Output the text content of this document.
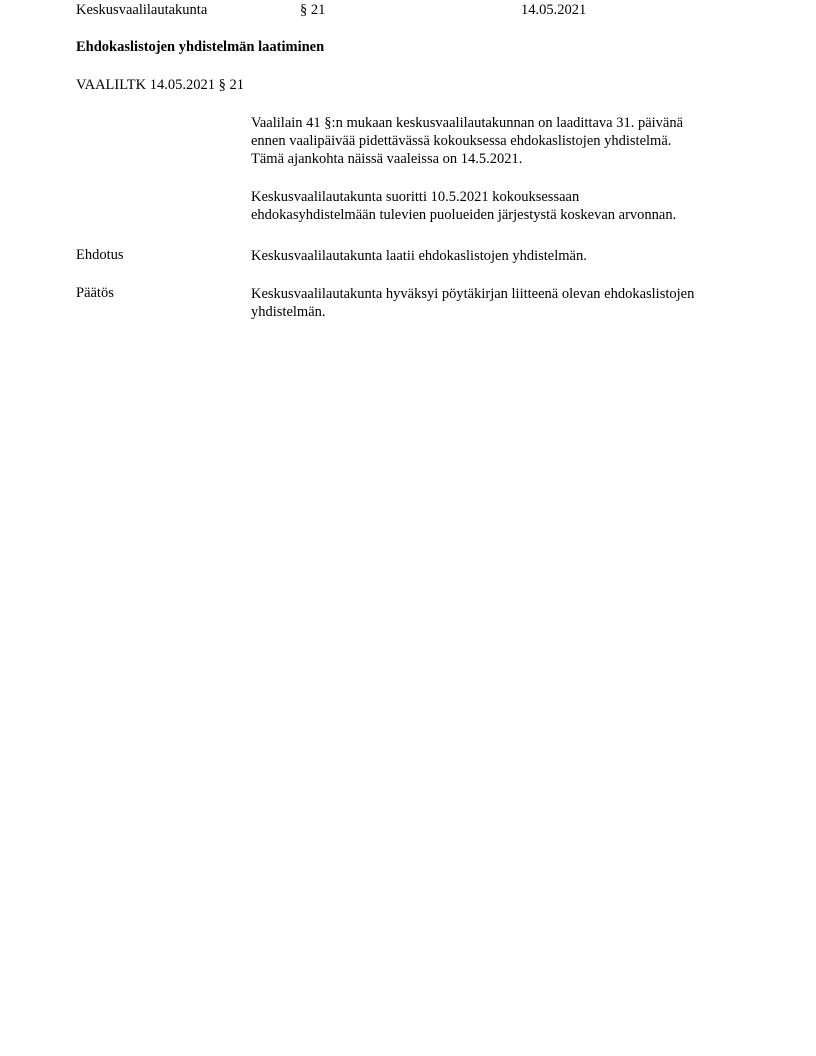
Keskusvaalilautakunta	§ 21	14.05.2021
Ehdokaslistojen yhdistelmän laatiminen
VAALILTK 14.05.2021 § 21
Vaalilain 41 §:n mukaan keskusvaalilautakunnan on laadittava 31. päivänä
ennen vaalipäivää pidettävässä kokouksessa ehdokaslistojen yhdistelmä.
Tämä ajankohta näissä vaaleissa on 14.5.2021.
Keskusvaalilautakunta suoritti 10.5.2021 kokouksessaan
ehdokasyhdistelmään tulevien puolueiden järjestystä koskevan arvonnan.
Ehdotus	Keskusvaalilautakunta laatii ehdokaslistojen yhdistelmän.
Päätös	Keskusvaalilautakunta hyväksyi pöytäkirjan liitteenä olevan ehdokaslistojen
yhdistelmän.
